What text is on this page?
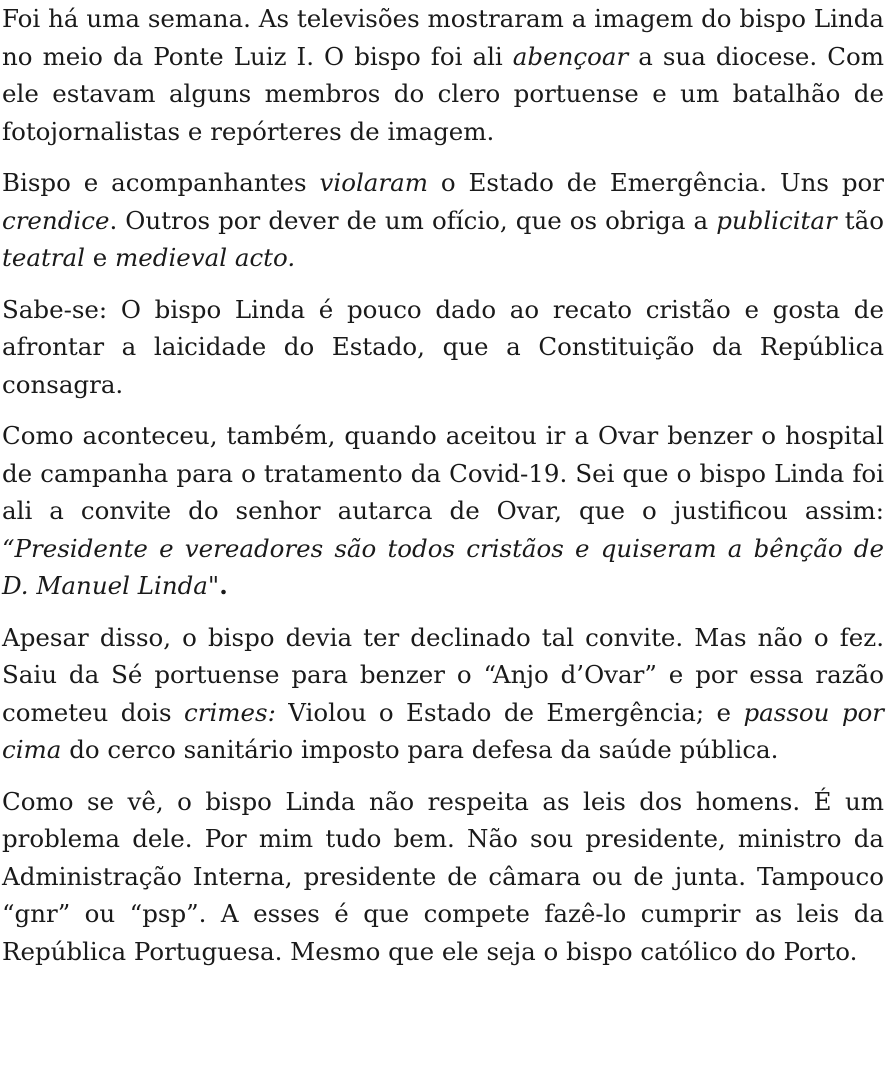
Foi há uma semana. As televisões mostraram a imagem do bispo Linda no meio da Ponte Luiz I. O bispo foi ali abençoar a sua diocese. Com ele estavam alguns membros do clero portuense e um batalhão de fotojornalistas e repórteres de imagem.

Bispo e acompanhantes violaram o Estado de Emergência. Uns por crendice. Outros por dever de um ofício, que os obriga a publicitar tão teatral e medieval acto.

Sabe-se: O bispo Linda é pouco dado ao recato cristão e gosta de afrontar a laicidade do Estado, que a Constituição da República consagra.

Como aconteceu, também, quando aceitou ir a Ovar benzer o hospital de campanha para o tratamento da Covid-19. Sei que o bispo Linda foi ali a convite do senhor autarca de Ovar, que o justificou assim: “Presidente e vereadores são todos cristãos e quiseram a bênção de D. Manuel Linda".

Apesar disso, o bispo devia ter declinado tal convite. Mas não o fez. Saiu da Sé portuense para benzer o “Anjo d’Ovar” e por essa razão cometeu dois crimes: Violou o Estado de Emergência; e passou por cima do cerco sanitário imposto para defesa da saúde pública.

Como se vê, o bispo Linda não respeita as leis dos homens. É um problema dele. Por mim tudo bem. Não sou presidente, ministro da Administração Interna, presidente de câmara ou de junta. Tampouco “gnr” ou “psp”. A esses é que compete fazê-lo cumprir as leis da República Portuguesa. Mesmo que ele seja o bispo católico do Porto.
